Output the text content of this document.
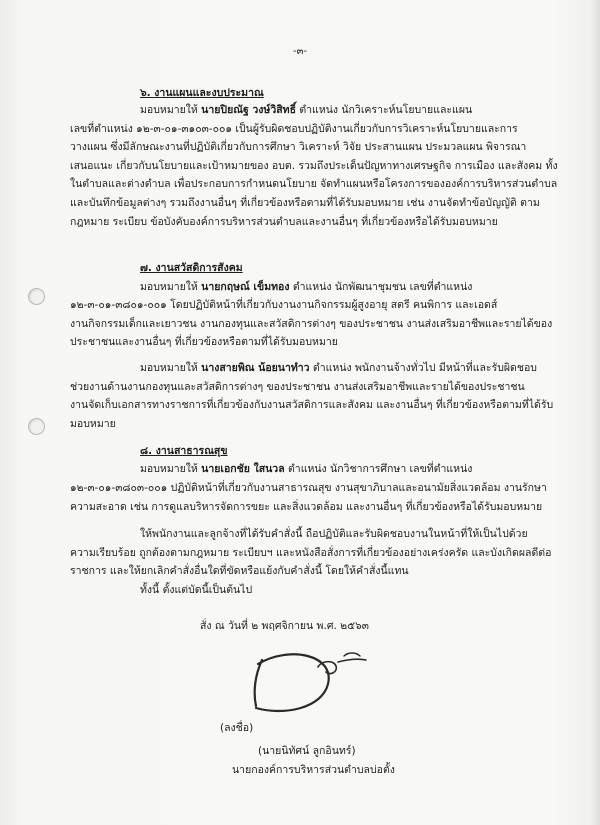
-๓-
๖. งานแผนและงบประมาณ
มอบหมายให้ นายปิยณัฐ วงษ์วิสิทธิ์ ตำแหน่ง นักวิเคราะห์นโยบายและแผน
เลขที่ตำแหน่ง ๑๒-๓-๐๑-๓๑๐๓-๐๐๑ เป็นผู้รับผิดชอบปฏิบัติงานเกี่ยวกับการวิเคราะห์นโยบายและการ
วางแผน ซึ่งมีลักษณะงานที่ปฏิบัติเกี่ยวกับการศึกษา วิเคราะห์ วิจัย ประสานแผน ประมวลแผน พิจารณา
เสนอแนะ เกี่ยวกับนโยบายและเป้าหมายของ อบต. รวมถึงประเด็นปัญหาทางเศรษฐกิจ การเมือง และสังคม ทั้ง
ในตำบลและต่างตำบล เพื่อประกอบการกำหนดนโยบาย จัดทำแผนหรือโครงการขององค์การบริหารส่วนตำบล
และบันทึกข้อมูลต่างๆ รวมถึงงานอื่นๆ ที่เกี่ยวข้องหรือตามที่ได้รับมอบหมาย เช่น งานจัดทำข้อบัญญัติ ตาม
กฎหมาย ระเบียบ ข้อบังคับองค์การบริหารส่วนตำบลและงานอื่นๆ ที่เกี่ยวข้องหรือได้รับมอบหมาย
๗. งานสวัสดิการสังคม
มอบหมายให้ นายกฤษณ์ เข็มทอง ตำแหน่ง นักพัฒนาชุมชน เลขที่ตำแหน่ง
๑๒-๓-๐๑-๓๘๐๑-๐๐๑ โดยปฏิบัติหน้าที่เกี่ยวกับงานงานกิจกรรมผู้สูงอายุ สตรี คนพิการ และเอดส์
งานกิจกรรมเด็กและเยาวชน งานกองทุนและสวัสดิการต่างๆ ของประชาชน งานส่งเสริมอาชีพและรายได้ของ
ประชาชนและงานอื่นๆ ที่เกี่ยวข้องหรือตามที่ได้รับมอบหมาย
มอบหมายให้ นางสายพิณ น้อยนาทำว ตำแหน่ง พนักงานจ้างทั่วไป มีหน้าที่และรับผิดชอบ
ช่วยงานด้านงานกองทุนและสวัสดิการต่างๆ ของประชาชน งานส่งเสริมอาชีพและรายได้ของประชาชน
งานจัดเก็บเอกสารทางราชการที่เกี่ยวข้องกับงานสวัสดิการและสังคม และงานอื่นๆ ที่เกี่ยวข้องหรือตามที่ได้รับ
มอบหมาย
๘. งานสาธารณสุข
มอบหมายให้ นายเอกชัย ใสนวล ตำแหน่ง นักวิชาการศึกษา เลขที่ตำแหน่ง
๑๒-๓-๐๑-๓๘๐๓-๐๐๑ ปฏิบัติหน้าที่เกี่ยวกับงานสาธารณสุข งานสุขาภิบาลและอนามัยสิ่งแวดล้อม งานรักษา
ความสะอาด เช่น การดูแลบริหารจัดการขยะ และสิ่งแวดล้อม และงานอื่นๆ ที่เกี่ยวข้องหรือได้รับมอบหมาย
ให้พนักงานและลูกจ้างที่ได้รับคำสั่งนี้ ถือปฏิบัติและรับผิดชอบงานในหน้าที่ให้เป็นไปด้วย
ความเรียบร้อย ถูกต้องตามกฎหมาย ระเบียบฯ และหนังสือสั่งการที่เกี่ยวข้องอย่างเคร่งครัด และบังเกิดผลดีต่อ
ราชการ และให้ยกเลิกคำสั่งอื่นใดที่ขัดหรือแย้งกับคำสั่งนี้ โดยให้คำสั่งนี้แทน
ทั้งนี้ ตั้งแต่บัดนี้เป็นต้นไป
สั่ง ณ วันที่ ๒ พฤศจิกายน พ.ศ. ๒๕๖๓
(ลงชื่อ)
(นายนิทัศน์ ลูกอินทร์)
นายกองค์การบริหารส่วนตำบลบ่อตั้ง
